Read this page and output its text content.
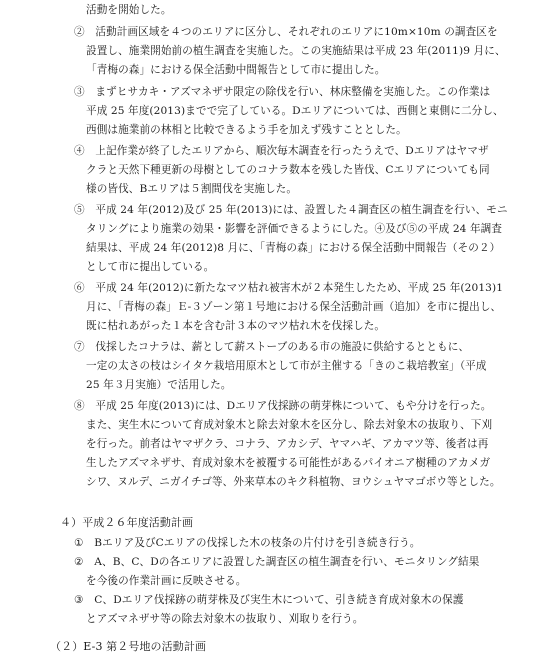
活動を開始した。
②　活動計画区域を４つのエリアに区分し、それぞれのエリアに10m×10m の調査区を
設置し、施業開始前の植生調査を実施した。この実施結果は平成 23 年(2011)9 月に、
「青梅の森」における保全活動中間報告として市に提出した。
③　まずヒサカキ・アズマネザサ限定の除伐を行い、林床整備を実施した。この作業は
平成 25 年度(2013)までで完了している。Dエリアについては、西側と東側に二分し、
西側は施業前の林相と比較できるよう手を加えず残すこととした。
④　上記作業が終了したエリアから、順次毎木調査を行ったうえで、Dエリアはヤマザ
クラと天然下種更新の母樹としてのコナラ数本を残した皆伐、Cエリアについても同
様の皆伐、Bエリアは５割間伐を実施した。
⑤　平成 24 年(2012)及び 25 年(2013)には、設置した４調査区の植生調査を行い、モニ
タリングにより施業の効果・影響を評価できるようにした。④及び⑤の平成 24 年調査
結果は、平成 24 年(2012)8 月に、「青梅の森」における保全活動中間報告（その２）
として市に提出している。
⑥　平成 24 年(2012)に新たなマツ枯れ被害木が２本発生したため、平成 25 年(2013)1
月に、「青梅の森」Ｅ-３ゾーン第１号地における保全活動計画（追加）を市に提出し、
既に枯れあがった１本を含む計３本のマツ枯れ木を伐採した。
⑦　伐採したコナラは、薪として薪ストーブのある市の施設に供給するとともに、
一定の太さの枝はシイタケ栽培用原木として市が主催する「きのこ栽培教室」（平成
25 年３月実施）で活用した。
⑧　平成 25 年度(2013)には、Dエリア伐採跡の萌芽株について、もや分けを行った。
また、実生木について育成対象木と除去対象木を区分し、除去対象木の抜取り、下刈
を行った。前者はヤマザクラ、コナラ、アカシデ、ヤマハギ、アカマツ等、後者は再
生したアズマネザサ、育成対象木を被覆する可能性があるパイオニア樹種のアカメガ
シワ、ヌルデ、ニガイチゴ等、外来草本のキク科植物、ヨウシュヤマゴボウ等とした。
４）平成２６年度活動計画
①　Bエリア及びCエリアの伐採した木の枝条の片付けを引き続き行う。
②　A、B、C、Dの各エリアに設置した調査区の植生調査を行い、モニタリング結果
を今後の作業計画に反映させる。
③　C、Dエリア伐採跡の萌芽株及び実生木について、引き続き育成対象木の保護
とアズマネザサ等の除去対象木の抜取り、刈取りを行う。
（２）E-3 第２号地の活動計画
